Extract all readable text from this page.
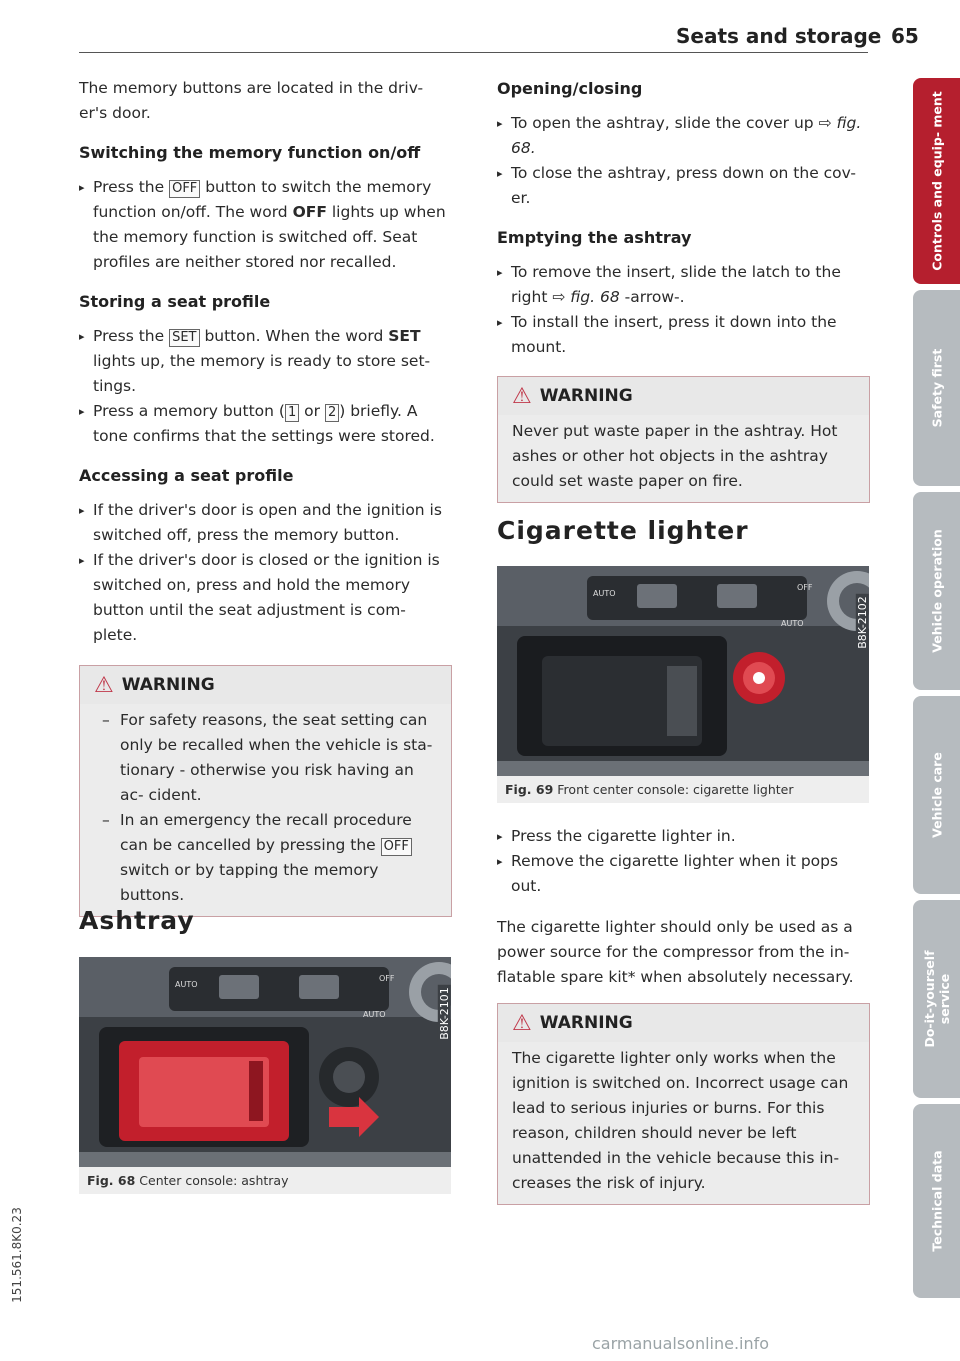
Seats and storage 65

The memory buttons are located in the driv- er's door.

Switching the memory function on/off

▸ Press the OFF button to switch the memory function on/off. The word OFF lights up when the memory function is switched off. Seat profiles are neither stored nor recalled.

Storing a seat profile

▸ Press the SET button. When the word SET lights up, the memory is ready to store set- tings.

▸ Press a memory button ( 1 or 2 ) briefly. A tone confirms that the settings were stored.

Accessing a seat profile

▸ If the driver's door is open and the ignition is switched off, press the memory button.

▸ If the driver's door is closed or the ignition is switched on, press and hold the memory button until the seat adjustment is com- plete.

⚠ WARNING

– For safety reasons, the seat setting can only be recalled when the vehicle is sta- tionary - otherwise you risk having an ac- cident.

– In an emergency the recall procedure can be cancelled by pressing the OFF switch or by tapping the memory buttons.

Ashtray
AUTO
OFF
AUTO	B8K-2101
Fig. 68 Center console: ashtray
Opening/closing

▸ To open the ashtray, slide the cover up ⇨ fig. 68.

▸ To close the ashtray, press down on the cov- er.

Emptying the ashtray

▸ To remove the insert, slide the latch to the right ⇨ fig. 68 -arrow-.

▸ To install the insert, press it down into the mount.

⚠ WARNING

Never put waste paper in the ashtray. Hot ashes or other hot objects in the ashtray could set waste paper on fire.

Cigarette lighter
AUTO
OFF
AUTO	B8K-2102
Fig. 69 Front center console: cigarette lighter

▸ Press the cigarette lighter in.

▸ Remove the cigarette lighter when it pops out.

The cigarette lighter should only be used as a power source for the compressor from the in- flatable spare kit* when absolutely necessary.

⚠ WARNING

The cigarette lighter only works when the ignition is switched on. Incorrect usage can lead to serious injuries or burns. For this reason, children should never be left unattended in the vehicle because this in- creases the risk of injury.

Controls and equip- ment
Safety first
Vehicle operation
Vehicle care
Do-it-yourself service
Technical data
151.561.8K0.23
carmanualsonline.info
